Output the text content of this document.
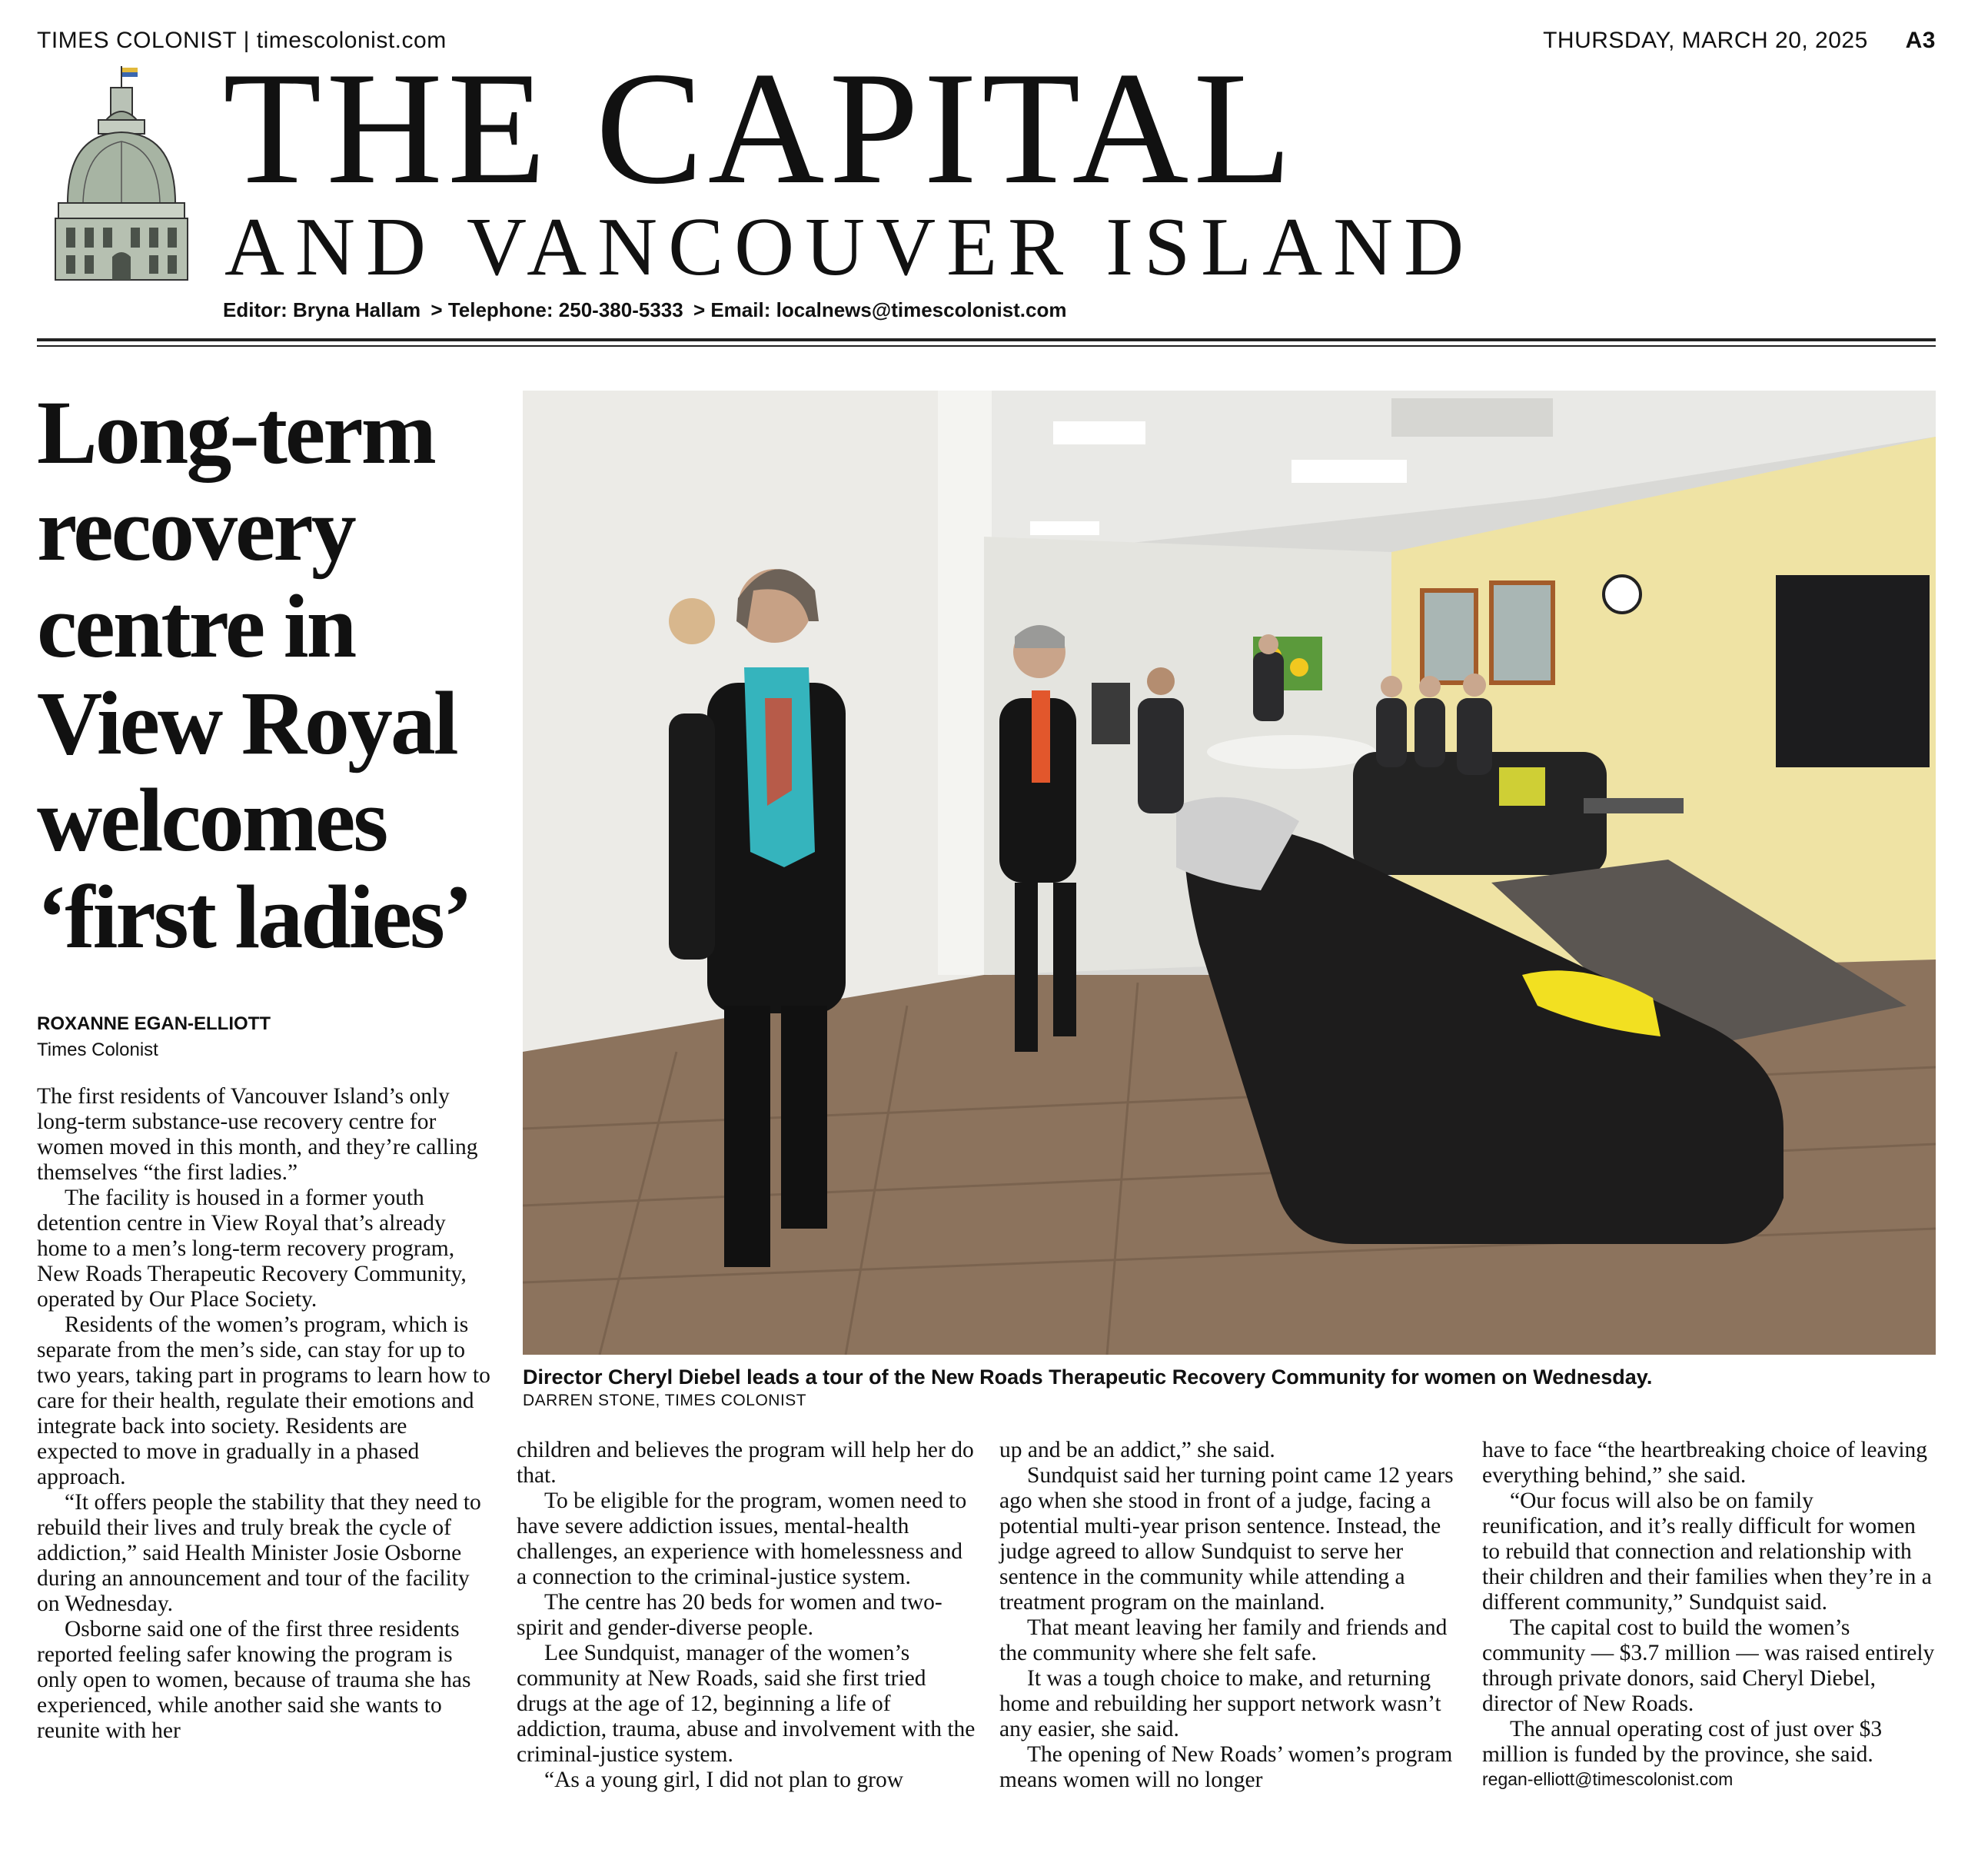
TIMES COLONIST | timescolonist.com	THURSDAY, MARCH 20, 2025 A3
THE CAPITAL
AND VANCOUVER ISLAND
Editor: Bryna Hallam > Telephone: 250-380-5333 > Email: localnews@timescolonist.com
Long-term recovery centre in View Royal welcomes ‘first ladies’
ROXANNE EGAN-ELLIOTT
Times Colonist

The first residents of Vancouver Island’s only long-term substance-use recovery centre for women moved in this month, and they’re calling themselves “the first ladies.”

The facility is housed in a former youth detention centre in View Royal that’s already home to a men’s long-term recovery program, New Roads Therapeutic Recovery Community, operated by Our Place Society.

Residents of the women’s program, which is separate from the men’s side, can stay for up to two years, taking part in programs to learn how to care for their health, regulate their emotions and integrate back into society. Residents are expected to move in gradually in a phased approach.

“It offers people the stability that they need to rebuild their lives and truly break the cycle of addiction,” said Health Minister Josie Osborne during an announcement and tour of the facility on Wednesday.

Osborne said one of the first three residents reported feeling safer knowing the program is only open to women, because of trauma she has experienced, while another said she wants to reunite with her

Director Cheryl Diebel leads a tour of the New Roads Therapeutic Recovery Community for women on Wednesday.
DARREN STONE, TIMES COLONIST

children and believes the program will help her do that.

To be eligible for the program, women need to have severe addiction issues, mental-health challenges, an experience with homelessness and a connection to the criminal-justice system.

The centre has 20 beds for women and two-spirit and gender-diverse people.

Lee Sundquist, manager of the women’s community at New Roads, said she first tried drugs at the age of 12, beginning a life of addiction, trauma, abuse and involvement with the criminal-justice system.

“As a young girl, I did not plan to grow

up and be an addict,” she said.

Sundquist said her turning point came 12 years ago when she stood in front of a judge, facing a potential multi-year prison sentence. Instead, the judge agreed to allow Sundquist to serve her sentence in the community while attending a treatment program on the mainland.

That meant leaving her family and friends and the community where she felt safe.

It was a tough choice to make, and returning home and rebuilding her support network wasn’t any easier, she said.

The opening of New Roads’ women’s program means women will no longer

have to face “the heartbreaking choice of leaving everything behind,” she said.

“Our focus will also be on family reunification, and it’s really difficult for women to rebuild that connection and relationship with their children and their families when they’re in a different community,” Sundquist said.

The capital cost to build the women’s community — $3.7 million — was raised entirely through private donors, said Cheryl Diebel, director of New Roads.

The annual operating cost of just over $3 million is funded by the province, she said.

regan-elliott@timescolonist.com
